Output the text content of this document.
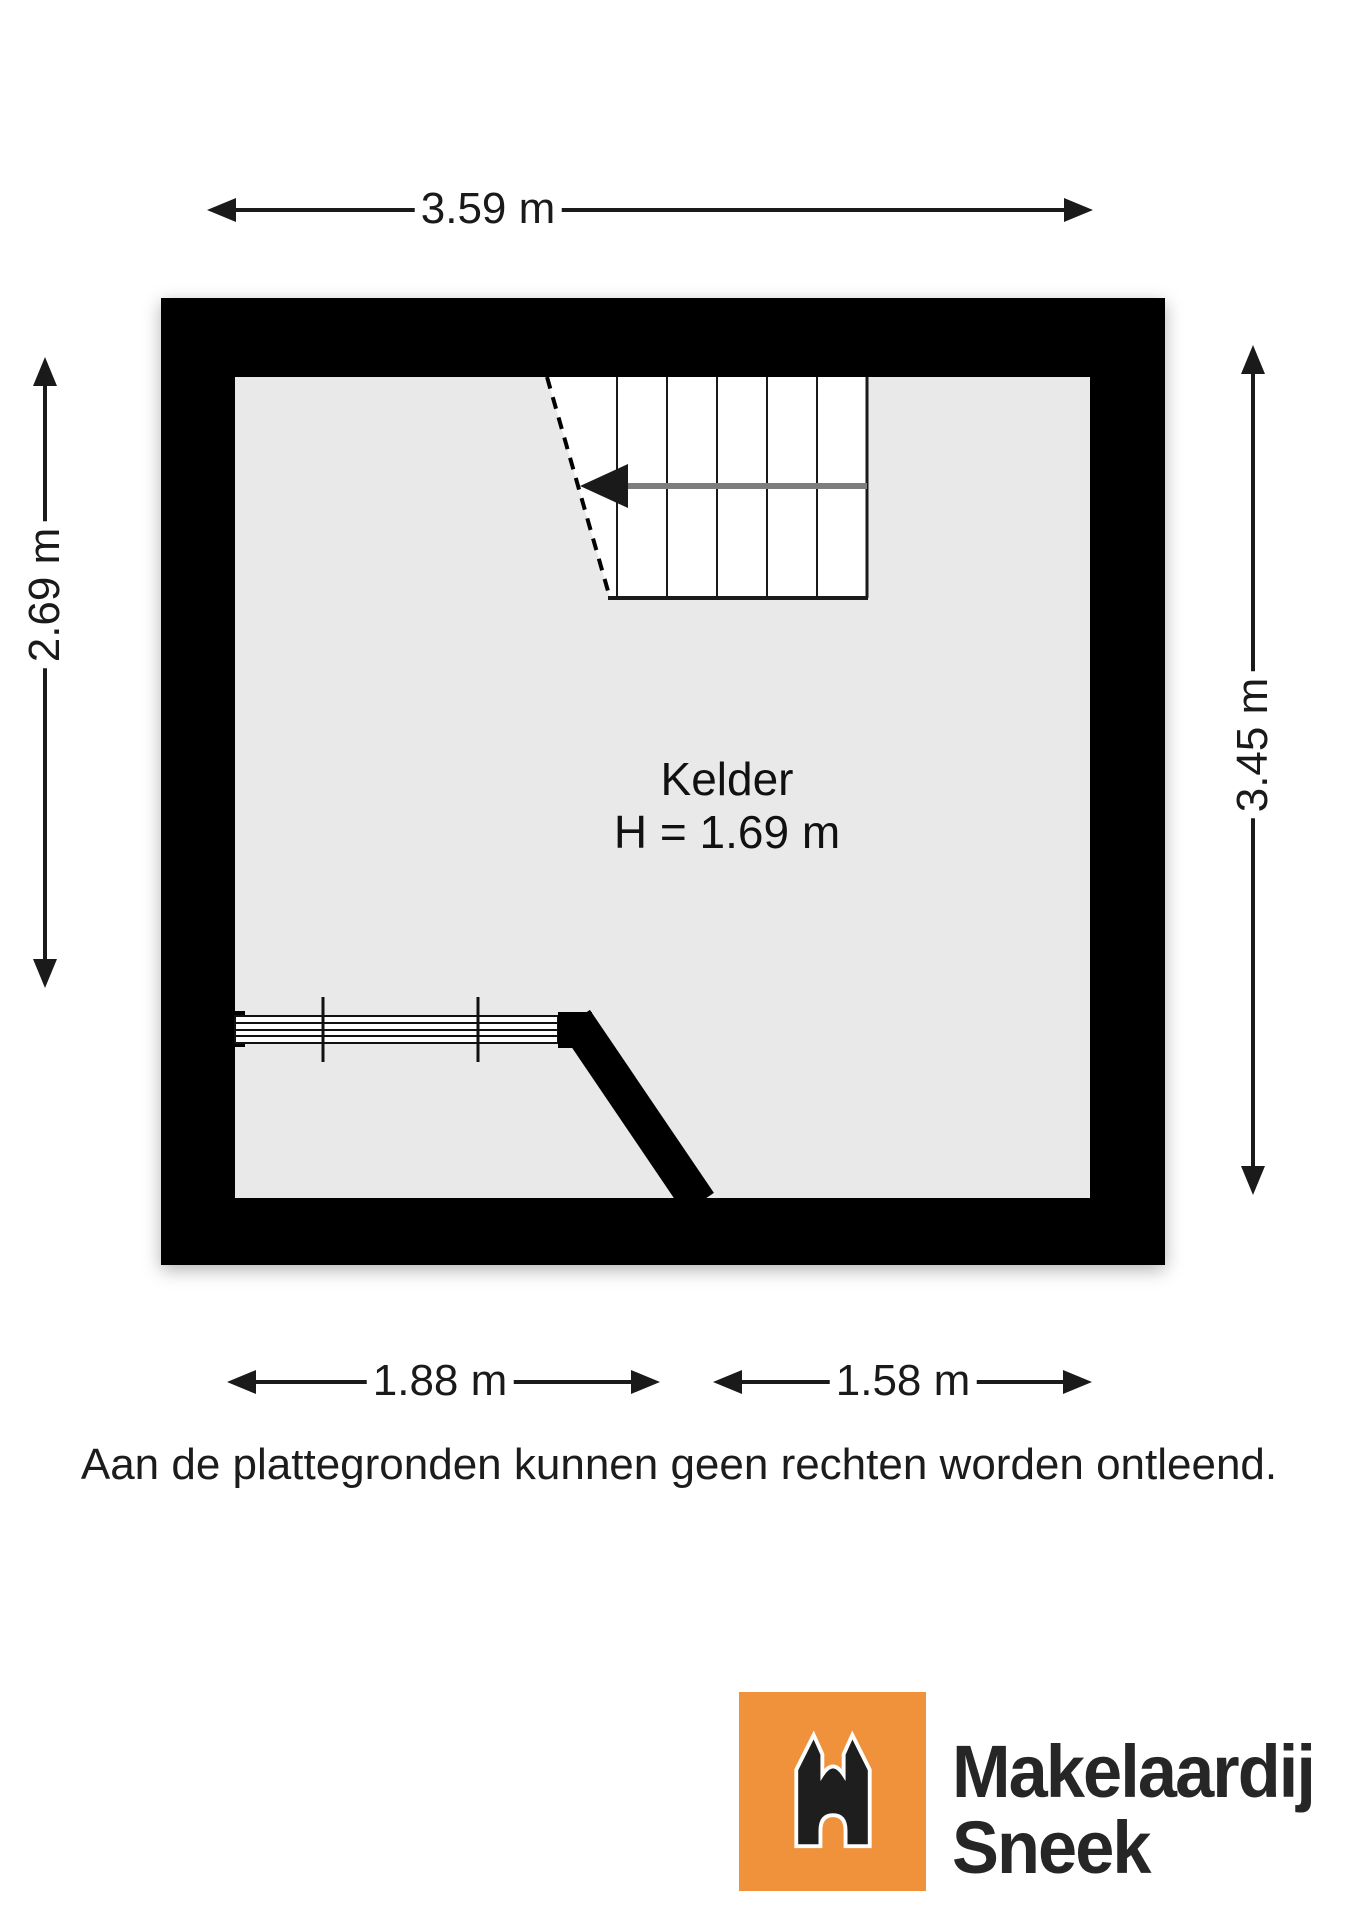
3.59 m
2.69 m
3.45 m
1.88 m	1.58 m
Kelder
H = 1.69 m
Aan de plattegronden kunnen geen rechten worden ontleend.
Makelaardij
Sneek
